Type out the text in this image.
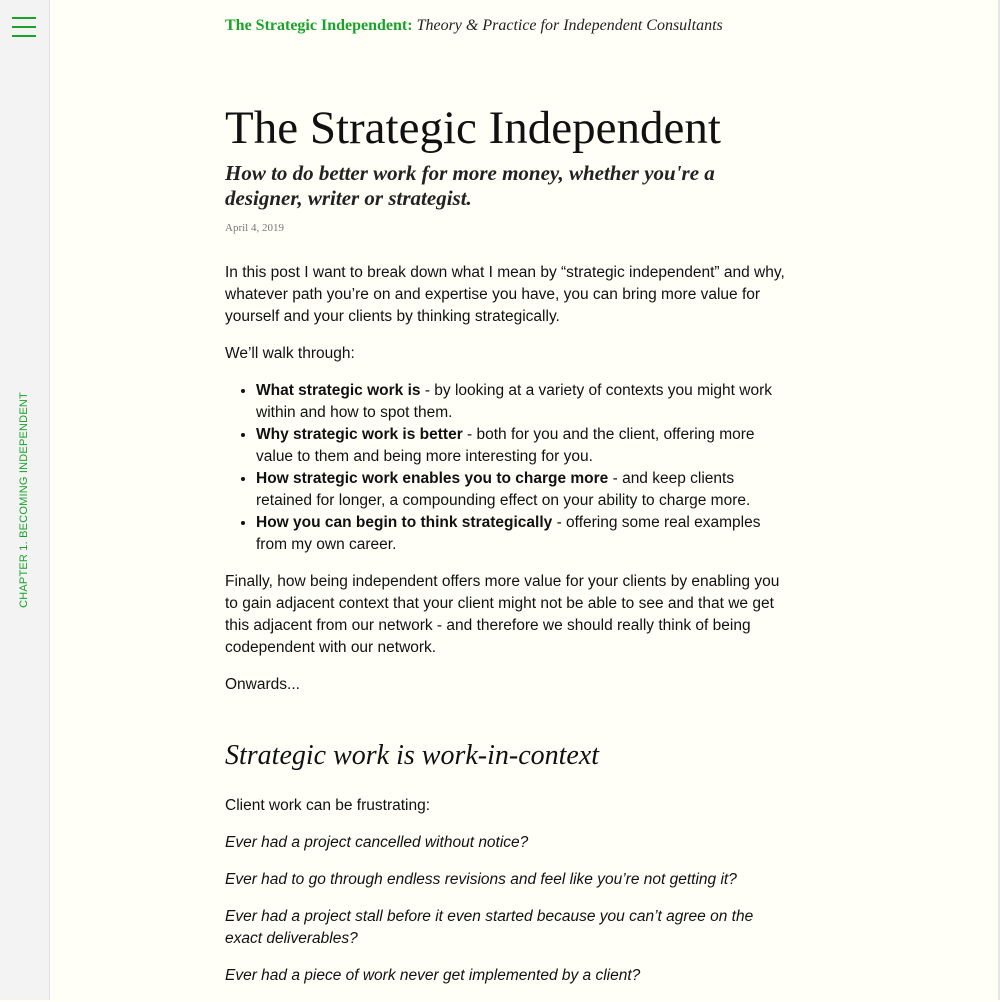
CHAPTER 1. BECOMING INDEPENDENT
The Strategic Independent: Theory & Practice for Independent Consultants
The Strategic Independent
How to do better work for more money, whether you're a designer, writer or strategist.
April 4, 2019

In this post I want to break down what I mean by “strategic independent” and why, whatever path you’re on and expertise you have, you can bring more value for yourself and your clients by thinking strategically.

We’ll walk through:

• What strategic work is - by looking at a variety of contexts you might work within and how to spot them.
• Why strategic work is better - both for you and the client, offering more value to them and being more interesting for you.
• How strategic work enables you to charge more - and keep clients retained for longer, a compounding effect on your ability to charge more.
• How you can begin to think strategically - offering some real examples from my own career.

Finally, how being independent offers more value for your clients by enabling you to gain adjacent context that your client might not be able to see and that we get this adjacent from our network - and therefore we should really think of being codependent with our network.

Onwards...

Strategic work is work-in-context

Client work can be frustrating:

Ever had a project cancelled without notice?

Ever had to go through endless revisions and feel like you’re not getting it?

Ever had a project stall before it even started because you can’t agree on the exact deliverables?

Ever had a piece of work never get implemented by a client?
